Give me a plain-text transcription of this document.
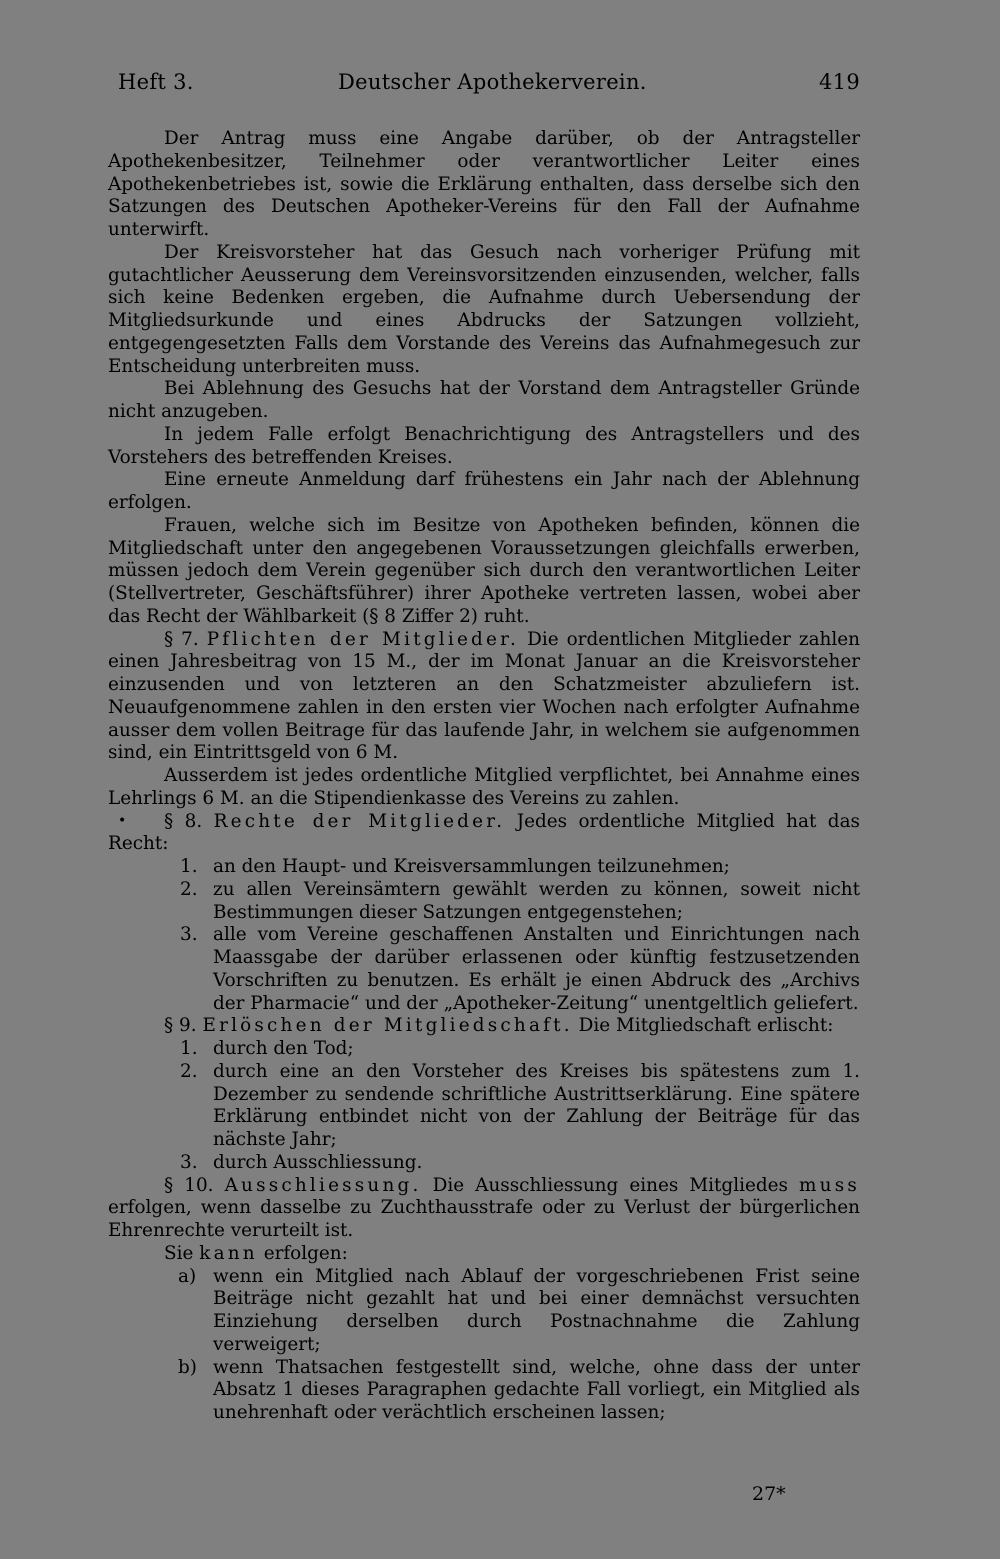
Heft 3.	Deutscher Apothekerverein.	419
•

Der Antrag muss eine Angabe darüber, ob der Antragsteller Apothekenbesitzer, Teilnehmer oder verantwortlicher Leiter eines Apothekenbetriebes ist, sowie die Erklärung enthalten, dass derselbe sich den Satzungen des Deutschen Apotheker-Vereins für den Fall der Aufnahme unterwirft.

Der Kreisvorsteher hat das Gesuch nach vorheriger Prüfung mit gutachtlicher Aeusserung dem Vereinsvorsitzenden einzusenden, welcher, falls sich keine Bedenken ergeben, die Aufnahme durch Uebersendung der Mitgliedsurkunde und eines Abdrucks der Satzungen vollzieht, entgegengesetzten Falls dem Vorstande des Vereins das Aufnahmegesuch zur Entscheidung unterbreiten muss.

Bei Ablehnung des Gesuchs hat der Vorstand dem Antragsteller Gründe nicht anzugeben.

In jedem Falle erfolgt Benachrichtigung des Antragstellers und des Vorstehers des betreffenden Kreises.

Eine erneute Anmeldung darf frühestens ein Jahr nach der Ablehnung erfolgen.

Frauen, welche sich im Besitze von Apotheken befinden, können die Mitgliedschaft unter den angegebenen Voraussetzungen gleichfalls erwerben, müssen jedoch dem Verein gegenüber sich durch den verantwortlichen Leiter (Stellvertreter, Geschäftsführer) ihrer Apotheke vertreten lassen, wobei aber das Recht der Wählbarkeit (§ 8 Ziffer 2) ruht.

§ 7. Pflichten der Mitglieder. Die ordentlichen Mitglieder zahlen einen Jahresbeitrag von 15 M., der im Monat Januar an die Kreisvorsteher einzusenden und von letzteren an den Schatzmeister abzuliefern ist. Neuaufgenommene zahlen in den ersten vier Wochen nach erfolgter Aufnahme ausser dem vollen Beitrage für das laufende Jahr, in welchem sie aufgenommen sind, ein Eintrittsgeld von 6 M.

Ausserdem ist jedes ordentliche Mitglied verpflichtet, bei Annahme eines Lehrlings 6 M. an die Stipendienkasse des Vereins zu zahlen.

§ 8. Rechte der Mitglieder. Jedes ordentliche Mitglied hat das Recht:

1. an den Haupt- und Kreisversammlungen teilzunehmen;
2. zu allen Vereinsämtern gewählt werden zu können, soweit nicht Bestimmungen dieser Satzungen entgegenstehen;
3. alle vom Vereine geschaffenen Anstalten und Einrichtungen nach Maassgabe der darüber erlassenen oder künftig festzusetzenden Vorschriften zu benutzen. Es erhält je einen Abdruck des „Archivs der Pharmacie“ und der „Apotheker-Zeitung“ unentgeltlich geliefert.

§ 9. Erlöschen der Mitgliedschaft. Die Mitgliedschaft erlischt:

1. durch den Tod;
2. durch eine an den Vorsteher des Kreises bis spätestens zum 1. Dezember zu sendende schriftliche Austrittserklärung. Eine spätere Erklärung entbindet nicht von der Zahlung der Beiträge für das nächste Jahr;
3. durch Ausschliessung.

§ 10. Ausschliessung. Die Ausschliessung eines Mitgliedes muss erfolgen, wenn dasselbe zu Zuchthausstrafe oder zu Verlust der bürgerlichen Ehrenrechte verurteilt ist.

Sie kann erfolgen:

a) wenn ein Mitglied nach Ablauf der vorgeschriebenen Frist seine Beiträge nicht gezahlt hat und bei einer demnächst versuchten Einziehung derselben durch Postnachnahme die Zahlung verweigert;
b) wenn Thatsachen festgestellt sind, welche, ohne dass der unter Absatz 1 dieses Paragraphen gedachte Fall vorliegt, ein Mitglied als unehrenhaft oder verächtlich erscheinen lassen;
27*
